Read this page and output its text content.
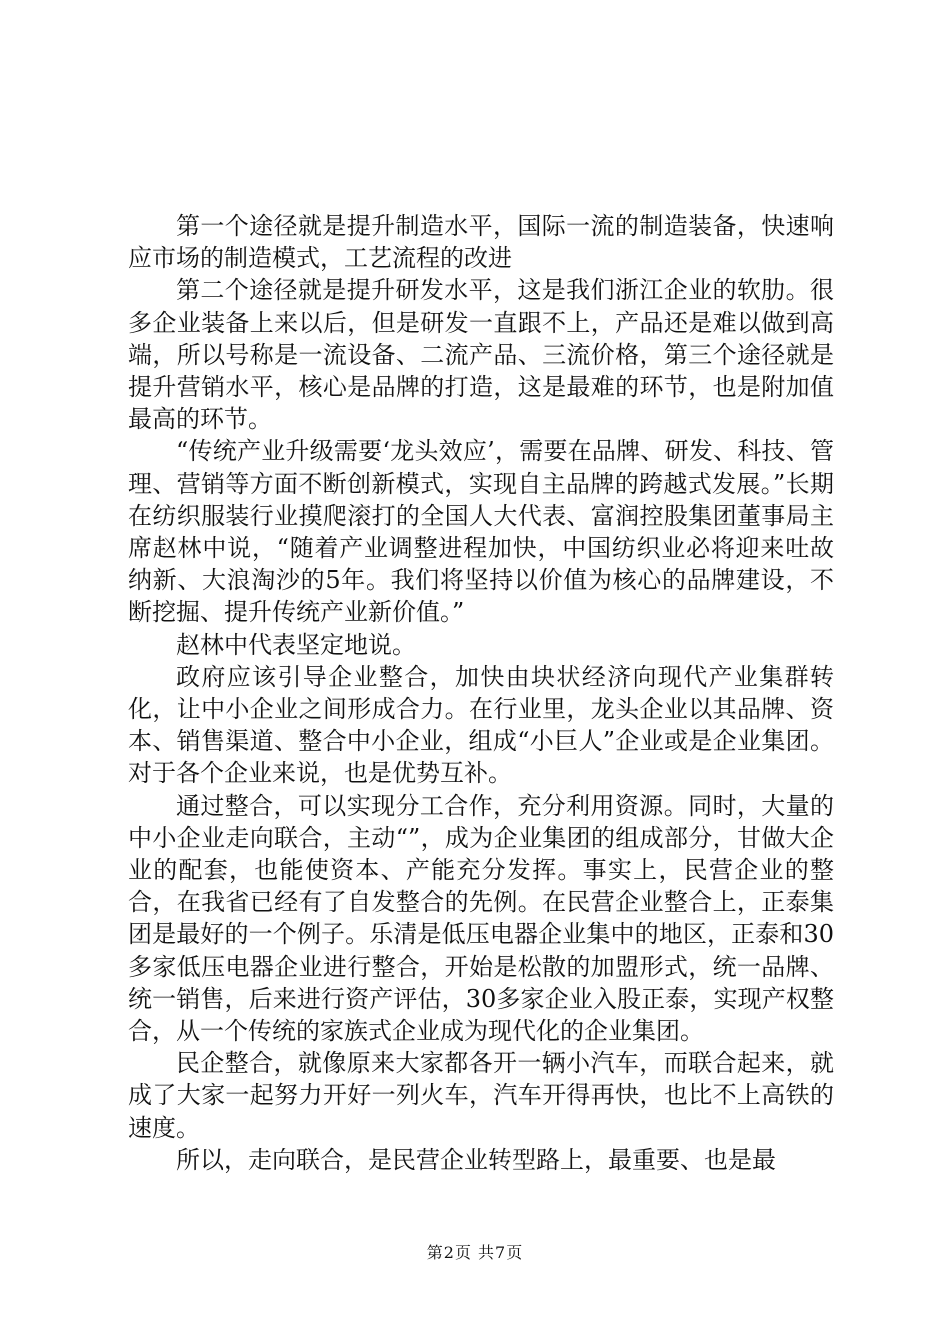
第一个途径就是提升制造水平，国际一流的制造装备，快速响应市场的制造模式，工艺流程的改进

第二个途径就是提升研发水平，这是我们浙江企业的软肋。很多企业装备上来以后，但是研发一直跟不上，产品还是难以做到高端，所以号称是一流设备、二流产品、三流价格，第三个途径就是提升营销水平，核心是品牌的打造，这是最难的环节，也是附加值最高的环节。

“传统产业升级需要‘龙头效应’，需要在品牌、研发、科技、管理、营销等方面不断创新模式，实现自主品牌的跨越式发展。”长期在纺织服装行业摸爬滚打的全国人大代表、富润控股集团董事局主席赵林中说，“随着产业调整进程加快，中国纺织业必将迎来吐故纳新、大浪淘沙的5年。我们将坚持以价值为核心的品牌建设，不断挖掘、提升传统产业新价值。”

赵林中代表坚定地说。

政府应该引导企业整合，加快由块状经济向现代产业集群转化，让中小企业之间形成合力。在行业里，龙头企业以其品牌、资本、销售渠道、整合中小企业，组成“小巨人”企业或是企业集团。对于各个企业来说，也是优势互补。

通过整合，可以实现分工合作，充分利用资源。同时，大量的中小企业走向联合，主动“”，成为企业集团的组成部分，甘做大企业的配套，也能使资本、产能充分发挥。事实上，民营企业的整合，在我省已经有了自发整合的先例。在民营企业整合上，正泰集团是最好的一个例子。乐清是低压电器企业集中的地区，正泰和30多家低压电器企业进行整合，开始是松散的加盟形式，统一品牌、统一销售，后来进行资产评估，30多家企业入股正泰，实现产权整合，从一个传统的家族式企业成为现代化的企业集团。

民企整合，就像原来大家都各开一辆小汽车，而联合起来，就成了大家一起努力开好一列火车，汽车开得再快，也比不上高铁的速度。

所以，走向联合，是民营企业转型路上，最重要、也是最

第2页 共7页
